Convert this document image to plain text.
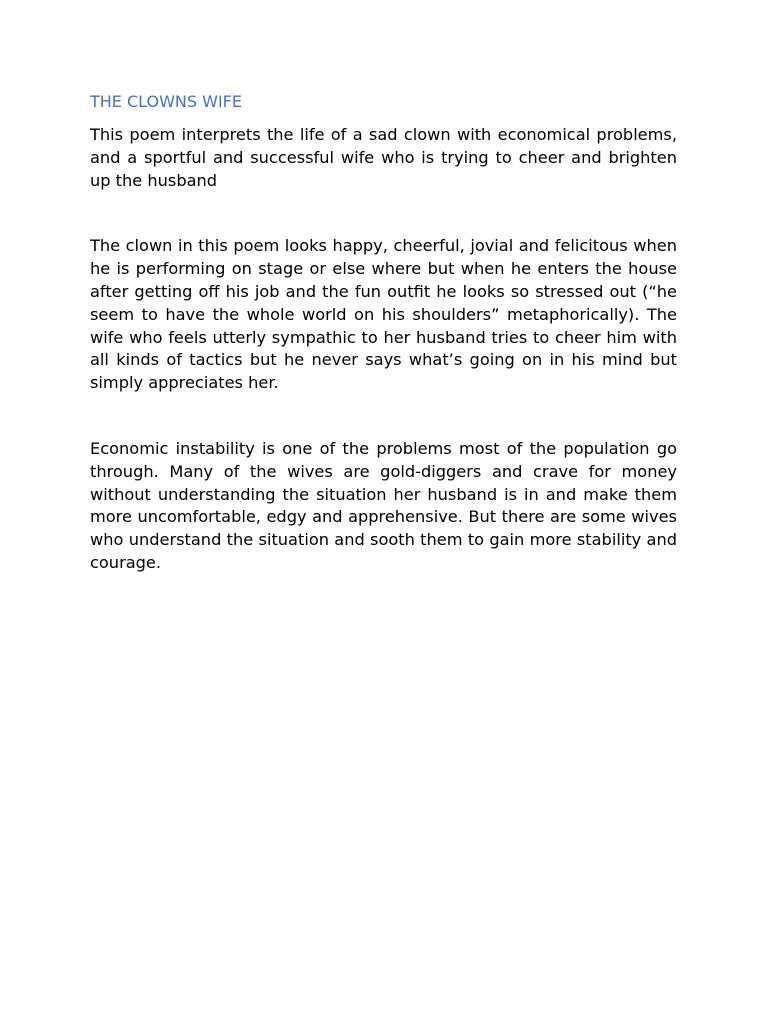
THE CLOWNS WIFE

This poem interprets the life of a sad clown with economical problems, and a sportful and successful wife who is trying to cheer and brighten up the husband

The clown in this poem looks happy, cheerful, jovial and felicitous when he is performing on stage or else where but when he enters the house after getting off his job and the fun outfit he looks so stressed out (“he seem to have the whole world on his shoulders” metaphorically). The wife who feels utterly sympathic to her husband tries to cheer him with all kinds of tactics but he never says what’s going on in his mind but simply appreciates her.

Economic instability is one of the problems most of the population go through. Many of the wives are gold-diggers and crave for money without understanding the situation her husband is in and make them more uncomfortable, edgy and apprehensive. But there are some wives who understand the situation and sooth them to gain more stability and courage.
